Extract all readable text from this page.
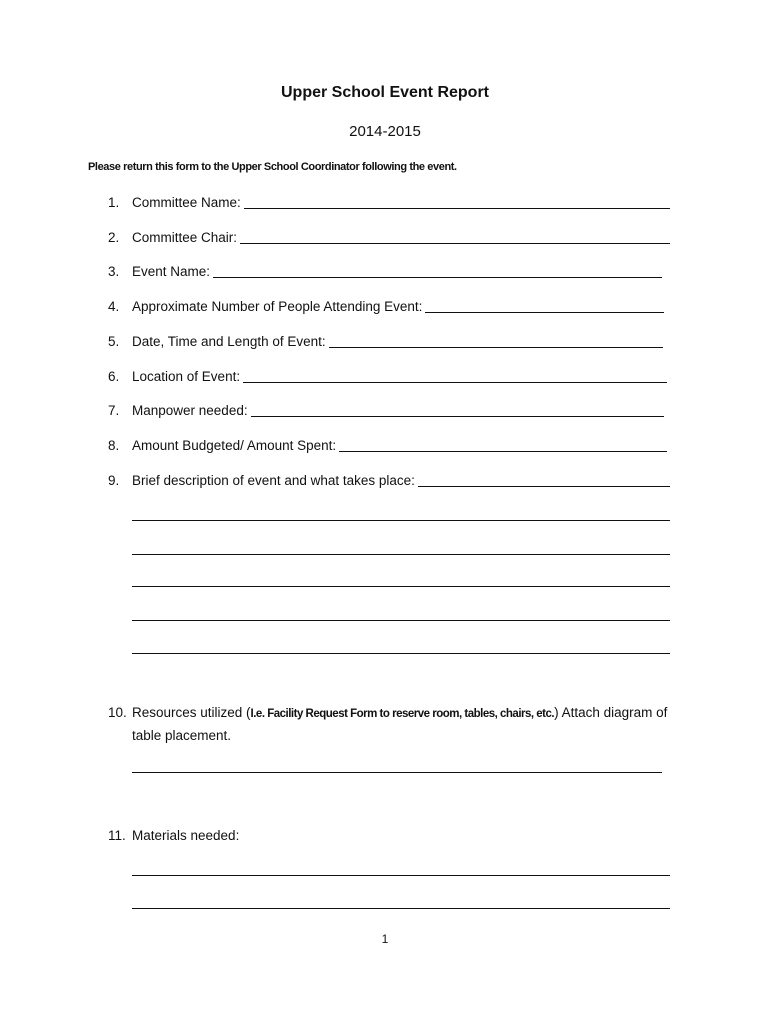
Upper School Event Report
2014-2015
Please return this form to the Upper School Coordinator following the event.
1. Committee Name:
2. Committee Chair:
3. Event Name:
4. Approximate Number of People Attending Event:
5. Date, Time and Length of Event:
6. Location of Event:
7. Manpower needed:
8. Amount Budgeted/ Amount Spent:
9. Brief description of event and what takes place:
10. Resources utilized (I.e. Facility Request Form to reserve room, tables, chairs, etc.) Attach diagram of
table placement.
11. Materials needed:
1
